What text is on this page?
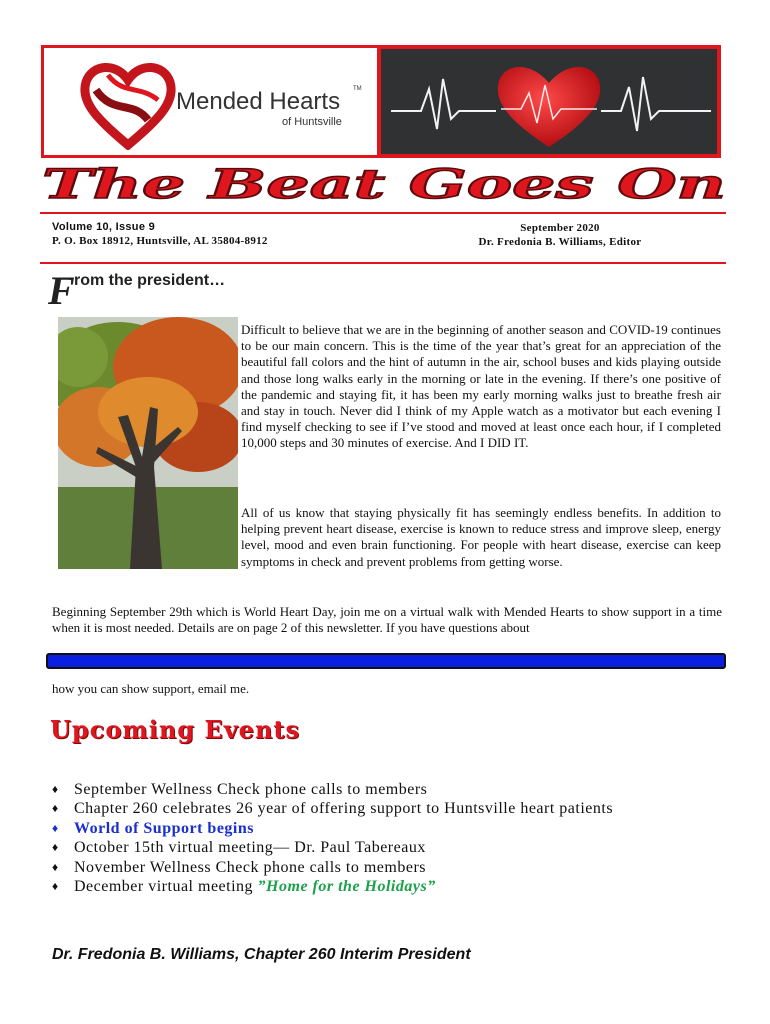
Mended Hearts TM
of Huntsville
The Beat Goes On
Volume 10, Issue 9
P. O. Box 18912, Huntsville, AL 35804-8912
September 2020
Dr. Fredonia B. Williams, Editor
F rom the president…
Difficult to believe that we are in the beginning of another season and COVID-19 continues to be our main concern. This is the time of the year that’s great for an appreciation of the beautiful fall colors and the hint of autumn in the air, school buses and kids playing outside and those long walks early in the morning or late in the evening. If there’s one positive of the pandemic and staying fit, it has been my early morning walks just to breathe fresh air and stay in touch. Never did I think of my Apple watch as a motivator but each evening I find myself checking to see if I’ve stood and moved at least once each hour, if I completed 10,000 steps and 30 minutes of exercise. And I DID IT.
All of us know that staying physically fit has seemingly endless benefits. In addition to helping prevent heart disease, exercise is known to reduce stress and improve sleep, energy level, mood and even brain functioning. For people with heart disease, exercise can keep symptoms in check and prevent problems from getting worse.
Beginning September 29th which is World Heart Day, join me on a virtual walk with Mended Hearts to show support in a time when it is most needed. Details are on page 2 of this newsletter. If you have questions about
how you can show support, email me.
Upcoming Events
♦ September Wellness Check phone calls to members
♦ Chapter 260 celebrates 26 year of offering support to Huntsville heart patients
♦ World of Support begins
♦ October 15th virtual meeting— Dr. Paul Tabereaux
♦ November Wellness Check phone calls to members
♦ December virtual meeting ”Home for the Holidays”
Dr. Fredonia B. Williams, Chapter 260 Interim President
